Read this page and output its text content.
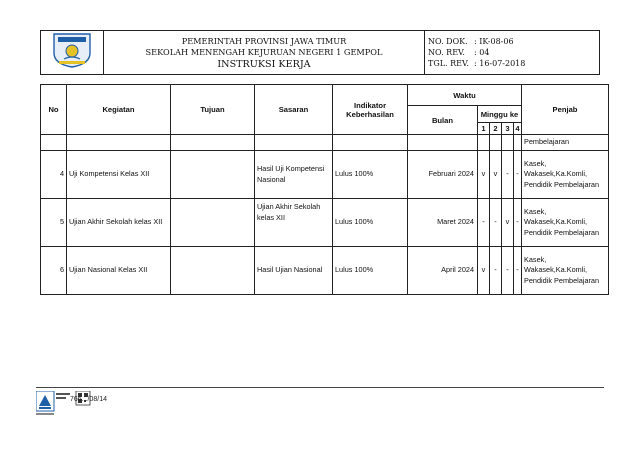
PEMERINTAH PROVINSI JAWA TIMUR
SEKOLAH MENENGAH KEJURUAN NEGERI 1 GEMPOL
INSTRUKSI KERJA

NO. DOK. : IK-08-06
NO. REV. : 04
TGL. REV. : 16-07-2018
No	Kegiatan	Tujuan	Sasaran	Indikator Keberhasilan	Waktu					Penjab
					Bulan	Minggu ke				
						1	2	3	4	
										Pembelajaran
4	Uji Kompetensi Kelas XII		Hasil Uji Kompetensi Nasional	Lulus 100%	Februari 2024	v	v	-	-	Kasek, Wakasek,Ka.Komli, Pendidik Pembelajaran
5	Ujian Akhir Sekolah kelas XII		Ujian Akhir Sekolah kelas XII	Lulus 100%	Maret 2024	-	-	v	-	Kasek, Wakasek,Ka.Komli, Pendidik Pembelajaran
6	Ujian Nasional Kelas XII		Hasil Ujian Nasional	Lulus 100%	April 2024	v	-	-	-	Kasek, Wakasek,Ka.Komli, Pendidik Pembelajaran
766.../08/14
